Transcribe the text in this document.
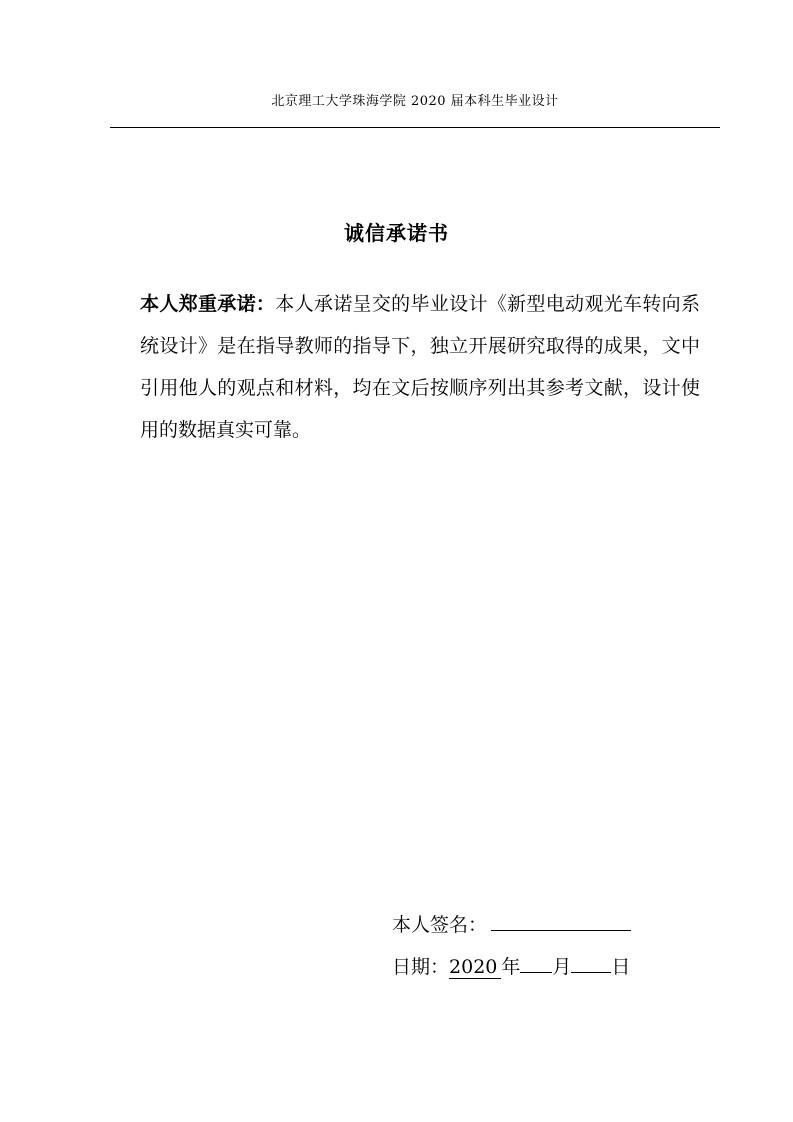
北京理工大学珠海学院 2020 届本科生毕业设计
诚信承诺书

本人郑重承诺：本人承诺呈交的毕业设计《新型电动观光车转向系统设计》是在指导教师的指导下，独立开展研究取得的成果，文中引用他人的观点和材料，均在文后按顺序列出其参考文献，设计使用的数据真实可靠。

本人签名：
日期：2020 年 月 日
